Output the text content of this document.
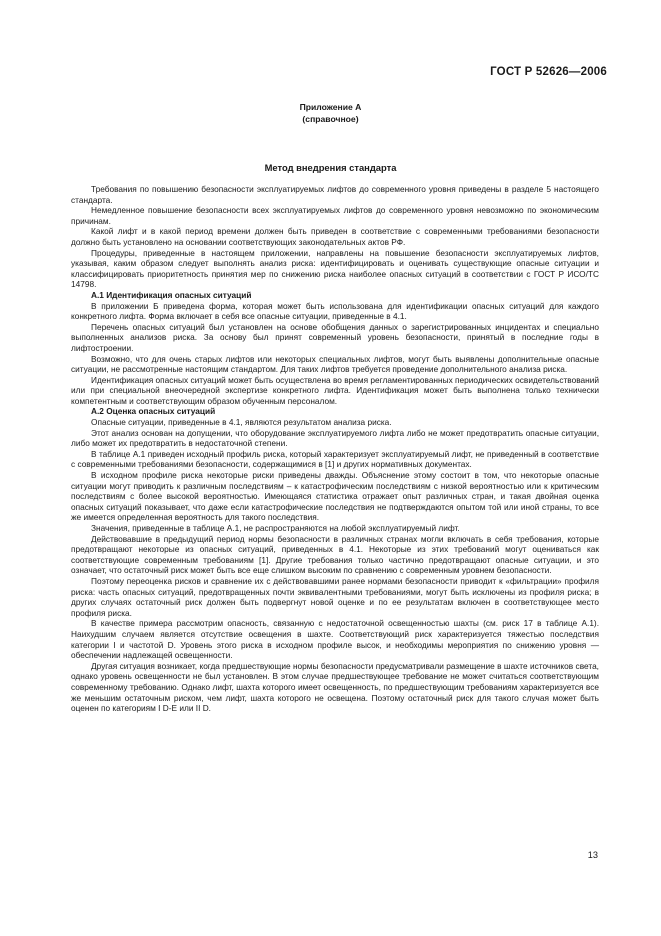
ГОСТ Р 52626—2006
Приложение А
(справочное)
Метод внедрения стандарта

Требования по повышению безопасности эксплуатируемых лифтов до современного уровня приведены в разделе 5 настоящего стандарта.

Немедленное повышение безопасности всех эксплуатируемых лифтов до современного уровня невозможно по экономическим причинам.

Какой лифт и в какой период времени должен быть приведен в соответствие с современными требованиями безопасности должно быть установлено на основании соответствующих законодательных актов РФ.

Процедуры, приведенные в настоящем приложении, направлены на повышение безопасности эксплуатируемых лифтов, указывая, каким образом следует выполнять анализ риска: идентифицировать и оценивать существующие опасные ситуации и классифицировать приоритетность принятия мер по снижению риска наиболее опасных ситуаций в соответствии с ГОСТ Р ИСО/ТС 14798.

А.1 Идентификация опасных ситуаций

В приложении Б приведена форма, которая может быть использована для идентификации опасных ситуаций для каждого конкретного лифта. Форма включает в себя все опасные ситуации, приведенные в 4.1.

Перечень опасных ситуаций был установлен на основе обобщения данных о зарегистрированных инцидентах и специально выполненных анализов риска. За основу был принят современный уровень безопасности, принятый в последние годы в лифтостроении.

Возможно, что для очень старых лифтов или некоторых специальных лифтов, могут быть выявлены дополнительные опасные ситуации, не рассмотренные настоящим стандартом. Для таких лифтов требуется проведение дополнительного анализа риска.

Идентификация опасных ситуаций может быть осуществлена во время регламентированных периодических освидетельствований или при специальной внеочередной экспертизе конкретного лифта. Идентификация может быть выполнена только технически компетентным и соответствующим образом обученным персоналом.

А.2 Оценка опасных ситуаций

Опасные ситуации, приведенные в 4.1, являются результатом анализа риска.

Этот анализ основан на допущении, что оборудование эксплуатируемого лифта либо не может предотвратить опасные ситуации, либо может их предотвратить в недостаточной степени.

В таблице А.1 приведен исходный профиль риска, который характеризует эксплуатируемый лифт, не приведенный в соответствие с современными требованиями безопасности, содержащимися в [1] и других нормативных документах.

В исходном профиле риска некоторые риски приведены дважды. Объяснение этому состоит в том, что некоторые опасные ситуации могут приводить к различным последствиям – к катастрофическим последствиям с низкой вероятностью или к критическим последствиям с более высокой вероятностью. Имеющаяся статистика отражает опыт различных стран, и такая двойная оценка опасных ситуаций показывает, что даже если катастрофические последствия не подтверждаются опытом той или иной страны, то все же имеется определенная вероятность для такого последствия.

Значения, приведенные в таблице А.1, не распространяются на любой эксплуатируемый лифт.

Действовавшие в предыдущий период нормы безопасности в различных странах могли включать в себя требования, которые предотвращают некоторые из опасных ситуаций, приведенных в 4.1. Некоторые из этих требований могут оцениваться как соответствующие современным требованиям [1]. Другие требования только частично предотвращают опасные ситуации, и это означает, что остаточный риск может быть все еще слишком высоким по сравнению с современным уровнем безопасности.

Поэтому переоценка рисков и сравнение их с действовавшими ранее нормами безопасности приводит к «фильтрации» профиля риска: часть опасных ситуаций, предотвращенных почти эквивалентными требованиями, могут быть исключены из профиля риска; в других случаях остаточный риск должен быть подвергнут новой оценке и по ее результатам включен в соответствующее место профиля риска.

В качестве примера рассмотрим опасность, связанную с недостаточной освещенностью шахты (см. риск 17 в таблице А.1). Наихудшим случаем является отсутствие освещения в шахте. Соответствующий риск характеризуется тяжестью последствия категории I и частотой D. Уровень этого риска в исходном профиле высок, и необходимы мероприятия по снижению уровня — обеспечении надлежащей освещенности.

Другая ситуация возникает, когда предшествующие нормы безопасности предусматривали размещение в шахте источников света, однако уровень освещенности не был установлен. В этом случае предшествующее требование не может считаться соответствующим современному требованию. Однако лифт, шахта которого имеет освещенность, по предшествующим требованиям характеризуется все же меньшим остаточным риском, чем лифт, шахта которого не освещена. Поэтому остаточный риск для такого случая может быть оценен по категориям I D-E или II D.

13
